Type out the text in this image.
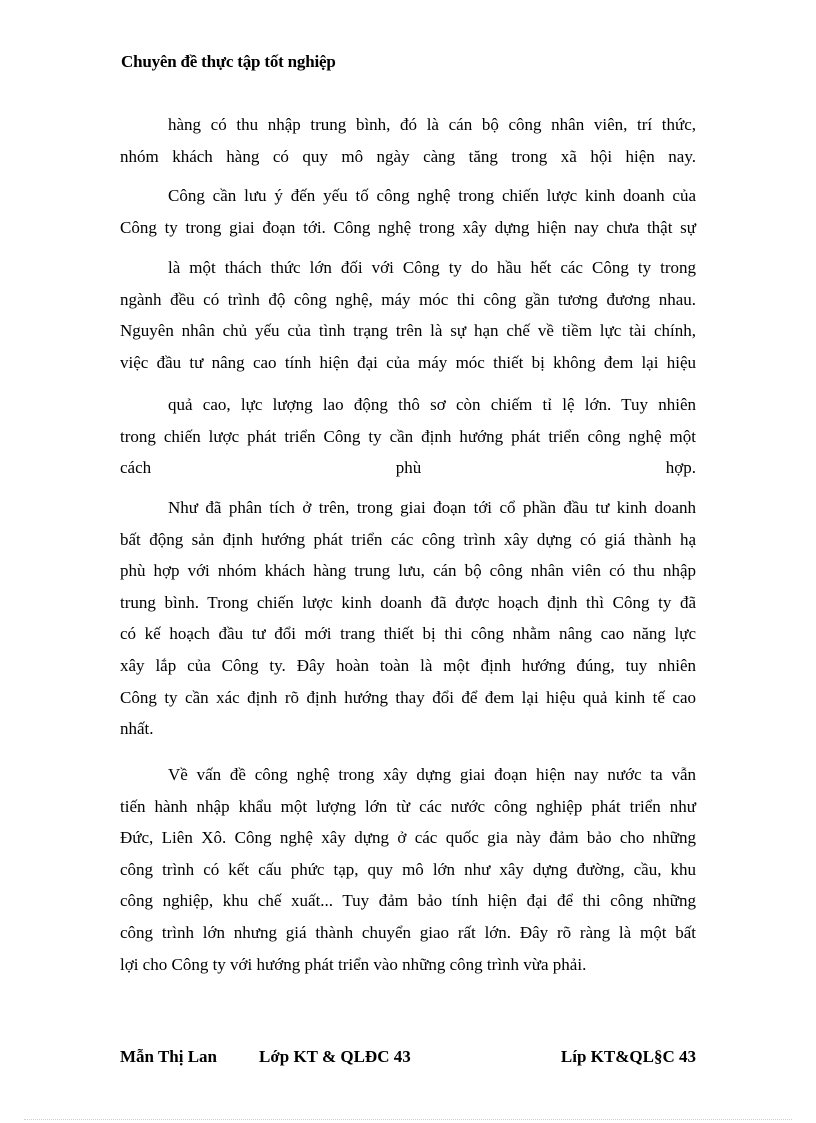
Chuyên đề thực tập tốt nghiệp
hàng có thu nhập trung bình, đó là cán bộ công nhân viên, trí thức,
nhóm khách hàng có quy mô ngày càng tăng trong xã hội hiện nay.
Công cần lưu ý đến yếu tố công nghệ trong chiến lược kinh doanh của
Công ty trong giai đoạn tới. Công nghệ trong xây dựng hiện nay chưa thật sự
là một thách thức lớn đối với Công ty do hầu hết các Công ty trong
ngành đều có trình độ công nghệ, máy móc thi công gần tương đương nhau.
Nguyên nhân chủ yếu của tình trạng trên là sự hạn chế về tiềm lực tài chính,
việc đầu tư nâng cao tính hiện đại của máy móc thiết bị không đem lại hiệu
quả cao, lực lượng lao động thô sơ còn chiếm tỉ lệ lớn. Tuy nhiên
trong chiến lược phát triển Công ty cần định hướng phát triển công nghệ một
cách	phù	hợp.
Như đã phân tích ở trên, trong giai đoạn tới cổ phần đầu tư kinh doanh
bất động sản định hướng phát triển các công trình xây dựng có giá thành hạ
phù hợp với nhóm khách hàng trung lưu, cán bộ công nhân viên có thu nhập
trung bình. Trong chiến lược kinh doanh đã được hoạch định thì Công ty đã
có kế hoạch đầu tư đổi mới trang thiết bị thi công nhằm nâng cao năng lực
xây lắp của Công ty. Đây hoàn toàn là một định hướng đúng, tuy nhiên
Công ty cần xác định rõ định hướng thay đổi để đem lại hiệu quả kinh tế cao
nhất.
Về vấn đề công nghệ trong xây dựng giai đoạn hiện nay nước ta vẫn
tiến hành nhập khẩu một lượng lớn từ các nước công nghiệp phát triển như
Đức, Liên Xô. Công nghệ xây dựng ở các quốc gia này đảm bảo cho những
công trình có kết cấu phức tạp, quy mô lớn như xây dựng đường, cầu, khu
công nghiệp, khu chế xuất... Tuy đảm bảo tính hiện đại để thi công những
công trình lớn nhưng giá thành chuyển giao rất lớn. Đây rõ ràng là một bất
lợi cho Công ty với hướng phát triển vào những công trình vừa phải.
Mẫn Thị Lan Lớp KT & QLĐC 43	Líp KT&QL§C 43
